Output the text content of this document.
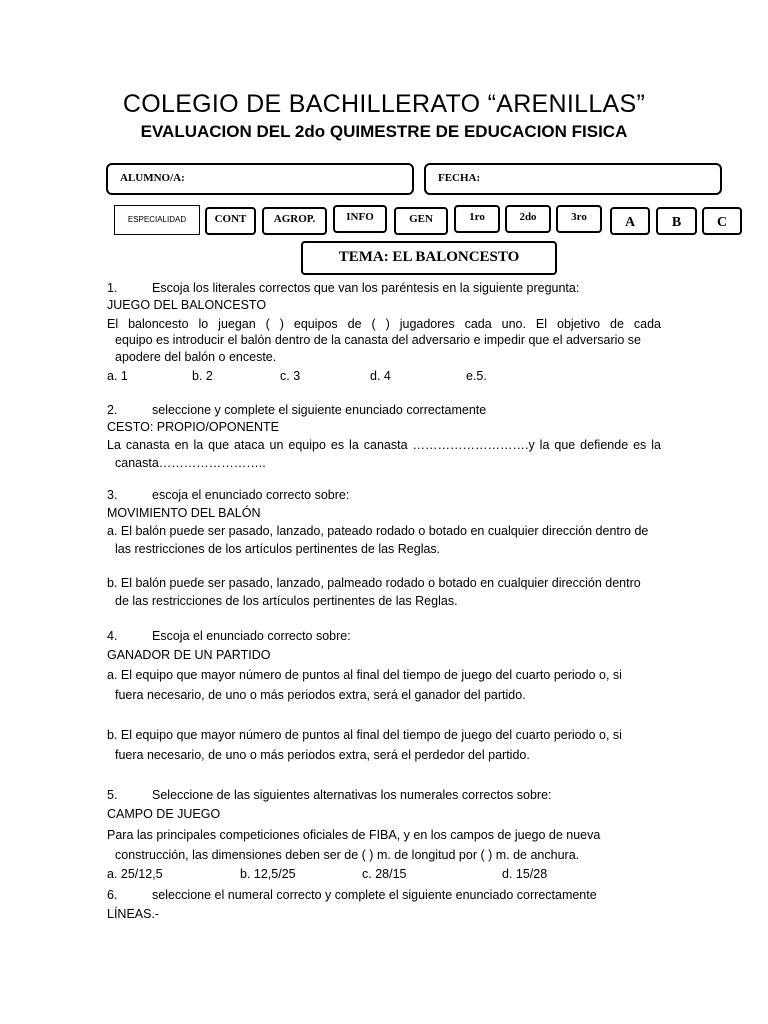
COLEGIO DE BACHILLERATO “ARENILLAS”
EVALUACION DEL 2do QUIMESTRE DE EDUCACION FISICA
ALUMNO/A:	FECHA:
ESPECIALIDAD	CONT	AGROP.	INFO	GEN	1ro	2do	3ro	A	B	C
TEMA: EL BALONCESTO
1.	Escoja los literales correctos que van los paréntesis en la siguiente pregunta:
JUEGO DEL BALONCESTO
El baloncesto lo juegan ( ) equipos de ( ) jugadores cada uno. El objetivo de cada
equipo es introducir el balón dentro de la canasta del adversario e impedir que el adversario se
apodere del balón o enceste.
a. 1	b. 2	c. 3	d. 4	e.5.
2.	seleccione y complete el siguiente enunciado correctamente
CESTO: PROPIO/OPONENTE
La canasta en la que ataca un equipo es la canasta ……………………….y la que defiende es la
canasta……………………..
3.	escoja el enunciado correcto sobre:
MOVIMIENTO DEL BALÓN
a. El balón puede ser pasado, lanzado, pateado rodado o botado en cualquier dirección dentro de
las restricciones de los artículos pertinentes de las Reglas.
b. El balón puede ser pasado, lanzado, palmeado rodado o botado en cualquier dirección dentro
de las restricciones de los artículos pertinentes de las Reglas.
4.	Escoja el enunciado correcto sobre:
GANADOR DE UN PARTIDO
a. El equipo que mayor número de puntos al final del tiempo de juego del cuarto periodo o, si
fuera necesario, de uno o más periodos extra, será el ganador del partido.
b. El equipo que mayor número de puntos al final del tiempo de juego del cuarto periodo o, si
fuera necesario, de uno o más periodos extra, será el perdedor del partido.
5.	Seleccione de las siguientes alternativas los numerales correctos sobre:
CAMPO DE JUEGO
Para las principales competiciones oficiales de FIBA, y en los campos de juego de nueva
construcción, las dimensiones deben ser de ( ) m. de longitud por ( ) m. de anchura.
a. 25/12,5	b. 12,5/25	c. 28/15	d. 15/28
6.	seleccione el numeral correcto y complete el siguiente enunciado correctamente
LÍNEAS.-
